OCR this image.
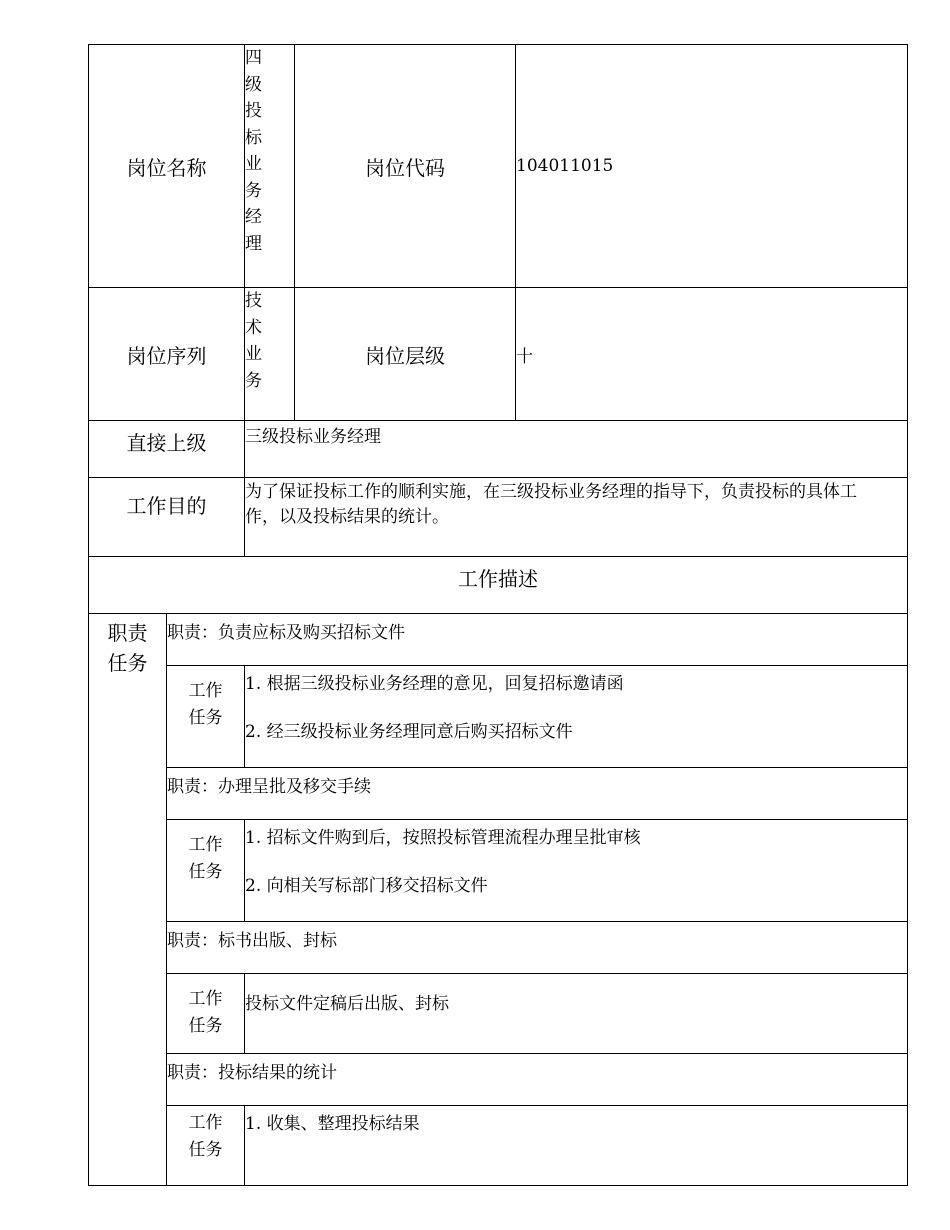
岗位名称		四级投标业务经理	岗位代码	104011015
岗位序列		技术业务	岗位层级	十
直接上级		三级投标业务经理		
工作目的		为了保证投标工作的顺利实施，在三级投标业务经理的指导下，负责投标的具体工作，以及投标结果的统计。		
工作描述				

职责任务	职责：负责应标及购买招标文件			

	工作任务	1. 根据三级投标业务经理的意见，回复招标邀请函
2. 经三级投标业务经理同意后购买招标文件		

	职责：办理呈批及移交手续			

	工作任务	1. 招标文件购到后，按照投标管理流程办理呈批审核
2. 向相关写标部门移交招标文件		

	职责：标书出版、封标			

	工作任务	投标文件定稿后出版、封标		

	职责：投标结果的统计			

	工作任务	1. 收集、整理投标结果		
